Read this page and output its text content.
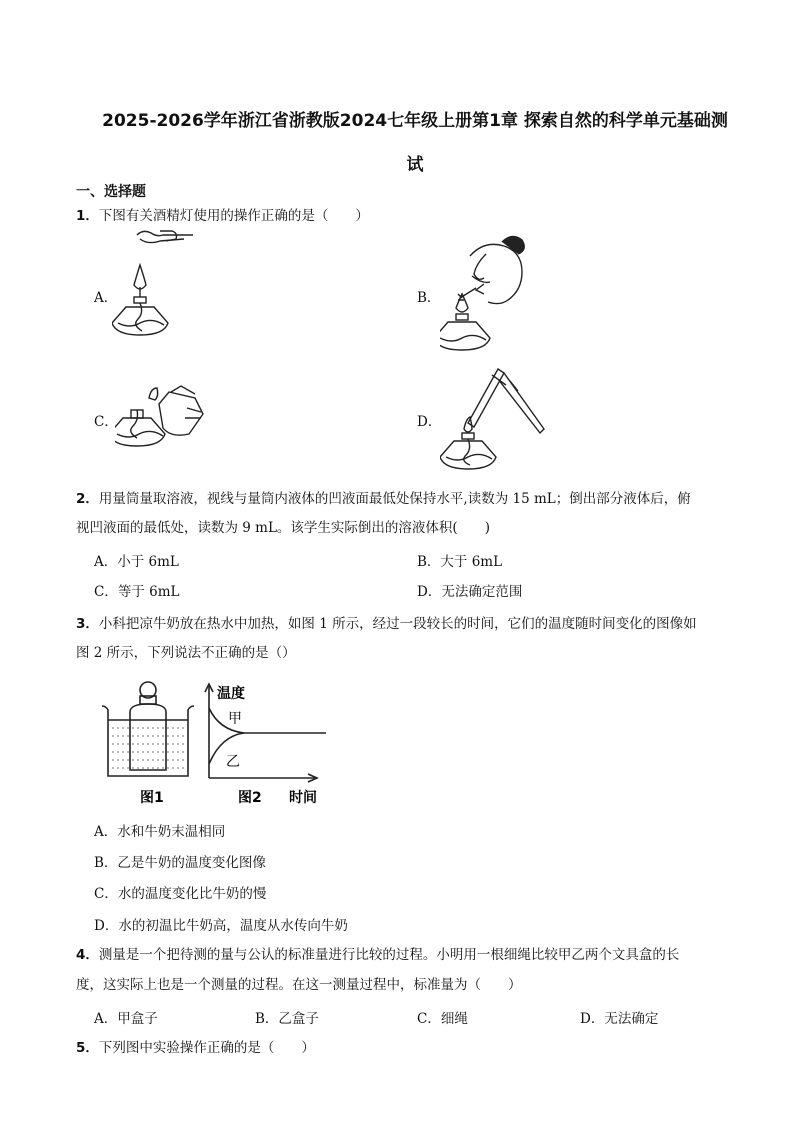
2025-2026学年浙江省浙教版2024七年级上册第1章 探索自然的科学单元基础测
试
一、选择题
1．下图有关酒精灯使用的操作正确的是（　　）
A．	B．
C．	D．
2．用量筒量取溶液，视线与量筒内液体的凹液面最低处保持水平,读数为 15 mL；倒出部分液体后，俯
视凹液面的最低处，读数为 9 mL。该学生实际倒出的溶液体积(　　)
A．小于 6mL	B．大于 6mL
C．等于 6mL	D．无法确定范围
3．小科把凉牛奶放在热水中加热，如图 1 所示，经过一段较长的时间，它们的温度随时间变化的图像如
图 2 所示，下列说法不正确的是（）
图1
温度
甲
乙
图2 时间
A．水和牛奶末温相同
B．乙是牛奶的温度变化图像
C．水的温度变化比牛奶的慢
D．水的初温比牛奶高，温度从水传向牛奶
4．测量是一个把待测的量与公认的标准量进行比较的过程。小明用一根细绳比较甲乙两个文具盒的长
度，这实际上也是一个测量的过程。在这一测量过程中，标准量为（　　）
A．甲盒子	B．乙盒子	C．细绳	D．无法确定
5．下列图中实验操作正确的是（　　）
